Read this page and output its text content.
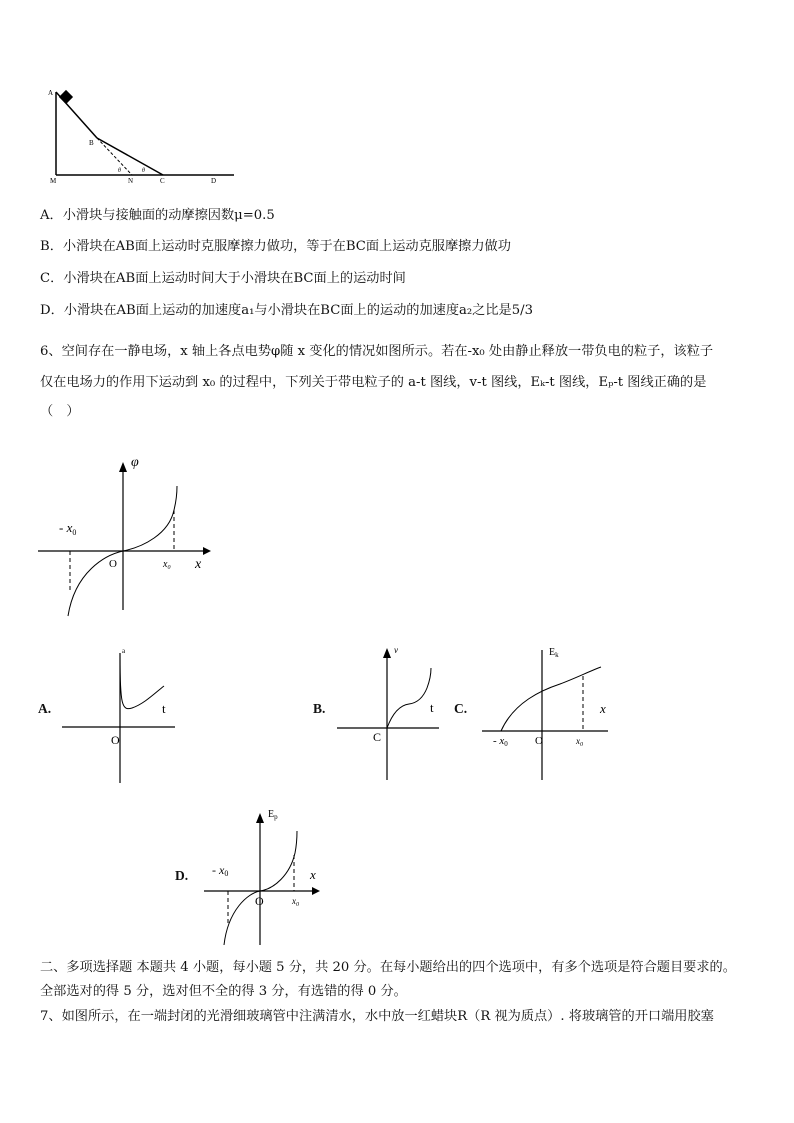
A
B
M	N	C	D
θ	θ
A．小滑块与接触面的动摩擦因数μ=0.5
B．小滑块在AB面上运动时克服摩擦力做功，等于在BC面上运动克服摩擦力做功
C．小滑块在AB面上运动时间大于小滑块在BC面上的运动时间
D．小滑块在AB面上运动的加速度a₁与小滑块在BC面上的运动的加速度a₂之比是5/3
6、空间存在一静电场，x 轴上各点电势φ随 x 变化的情况如图所示。若在-x₀ 处由静止释放一带负电的粒子，该粒子
仅在电场力的作用下运动到 x₀ 的过程中，下列关于带电粒子的 a-t 图线，v-t 图线，Eₖ-t 图线，Eₚ-t 图线正确的是
（　）
φ
x
O
- $x_0$
$x_0$
A.
a
t
O
B.
v
t
C
C.
$E_k$
x
O
- x0	$x_0$
D.
$E_p$
x
O
- x0
$x_0$
二、多项选择题 本题共 4 小题，每小题 5 分，共 20 分。在每小题给出的四个选项中，有多个选项是符合题目要求的。
全部选对的得 5 分，选对但不全的得 3 分，有选错的得 0 分。
7、如图所示，在一端封闭的光滑细玻璃管中注满清水，水中放一红蜡块R（R 视为质点）. 将玻璃管的开口端用胶塞
